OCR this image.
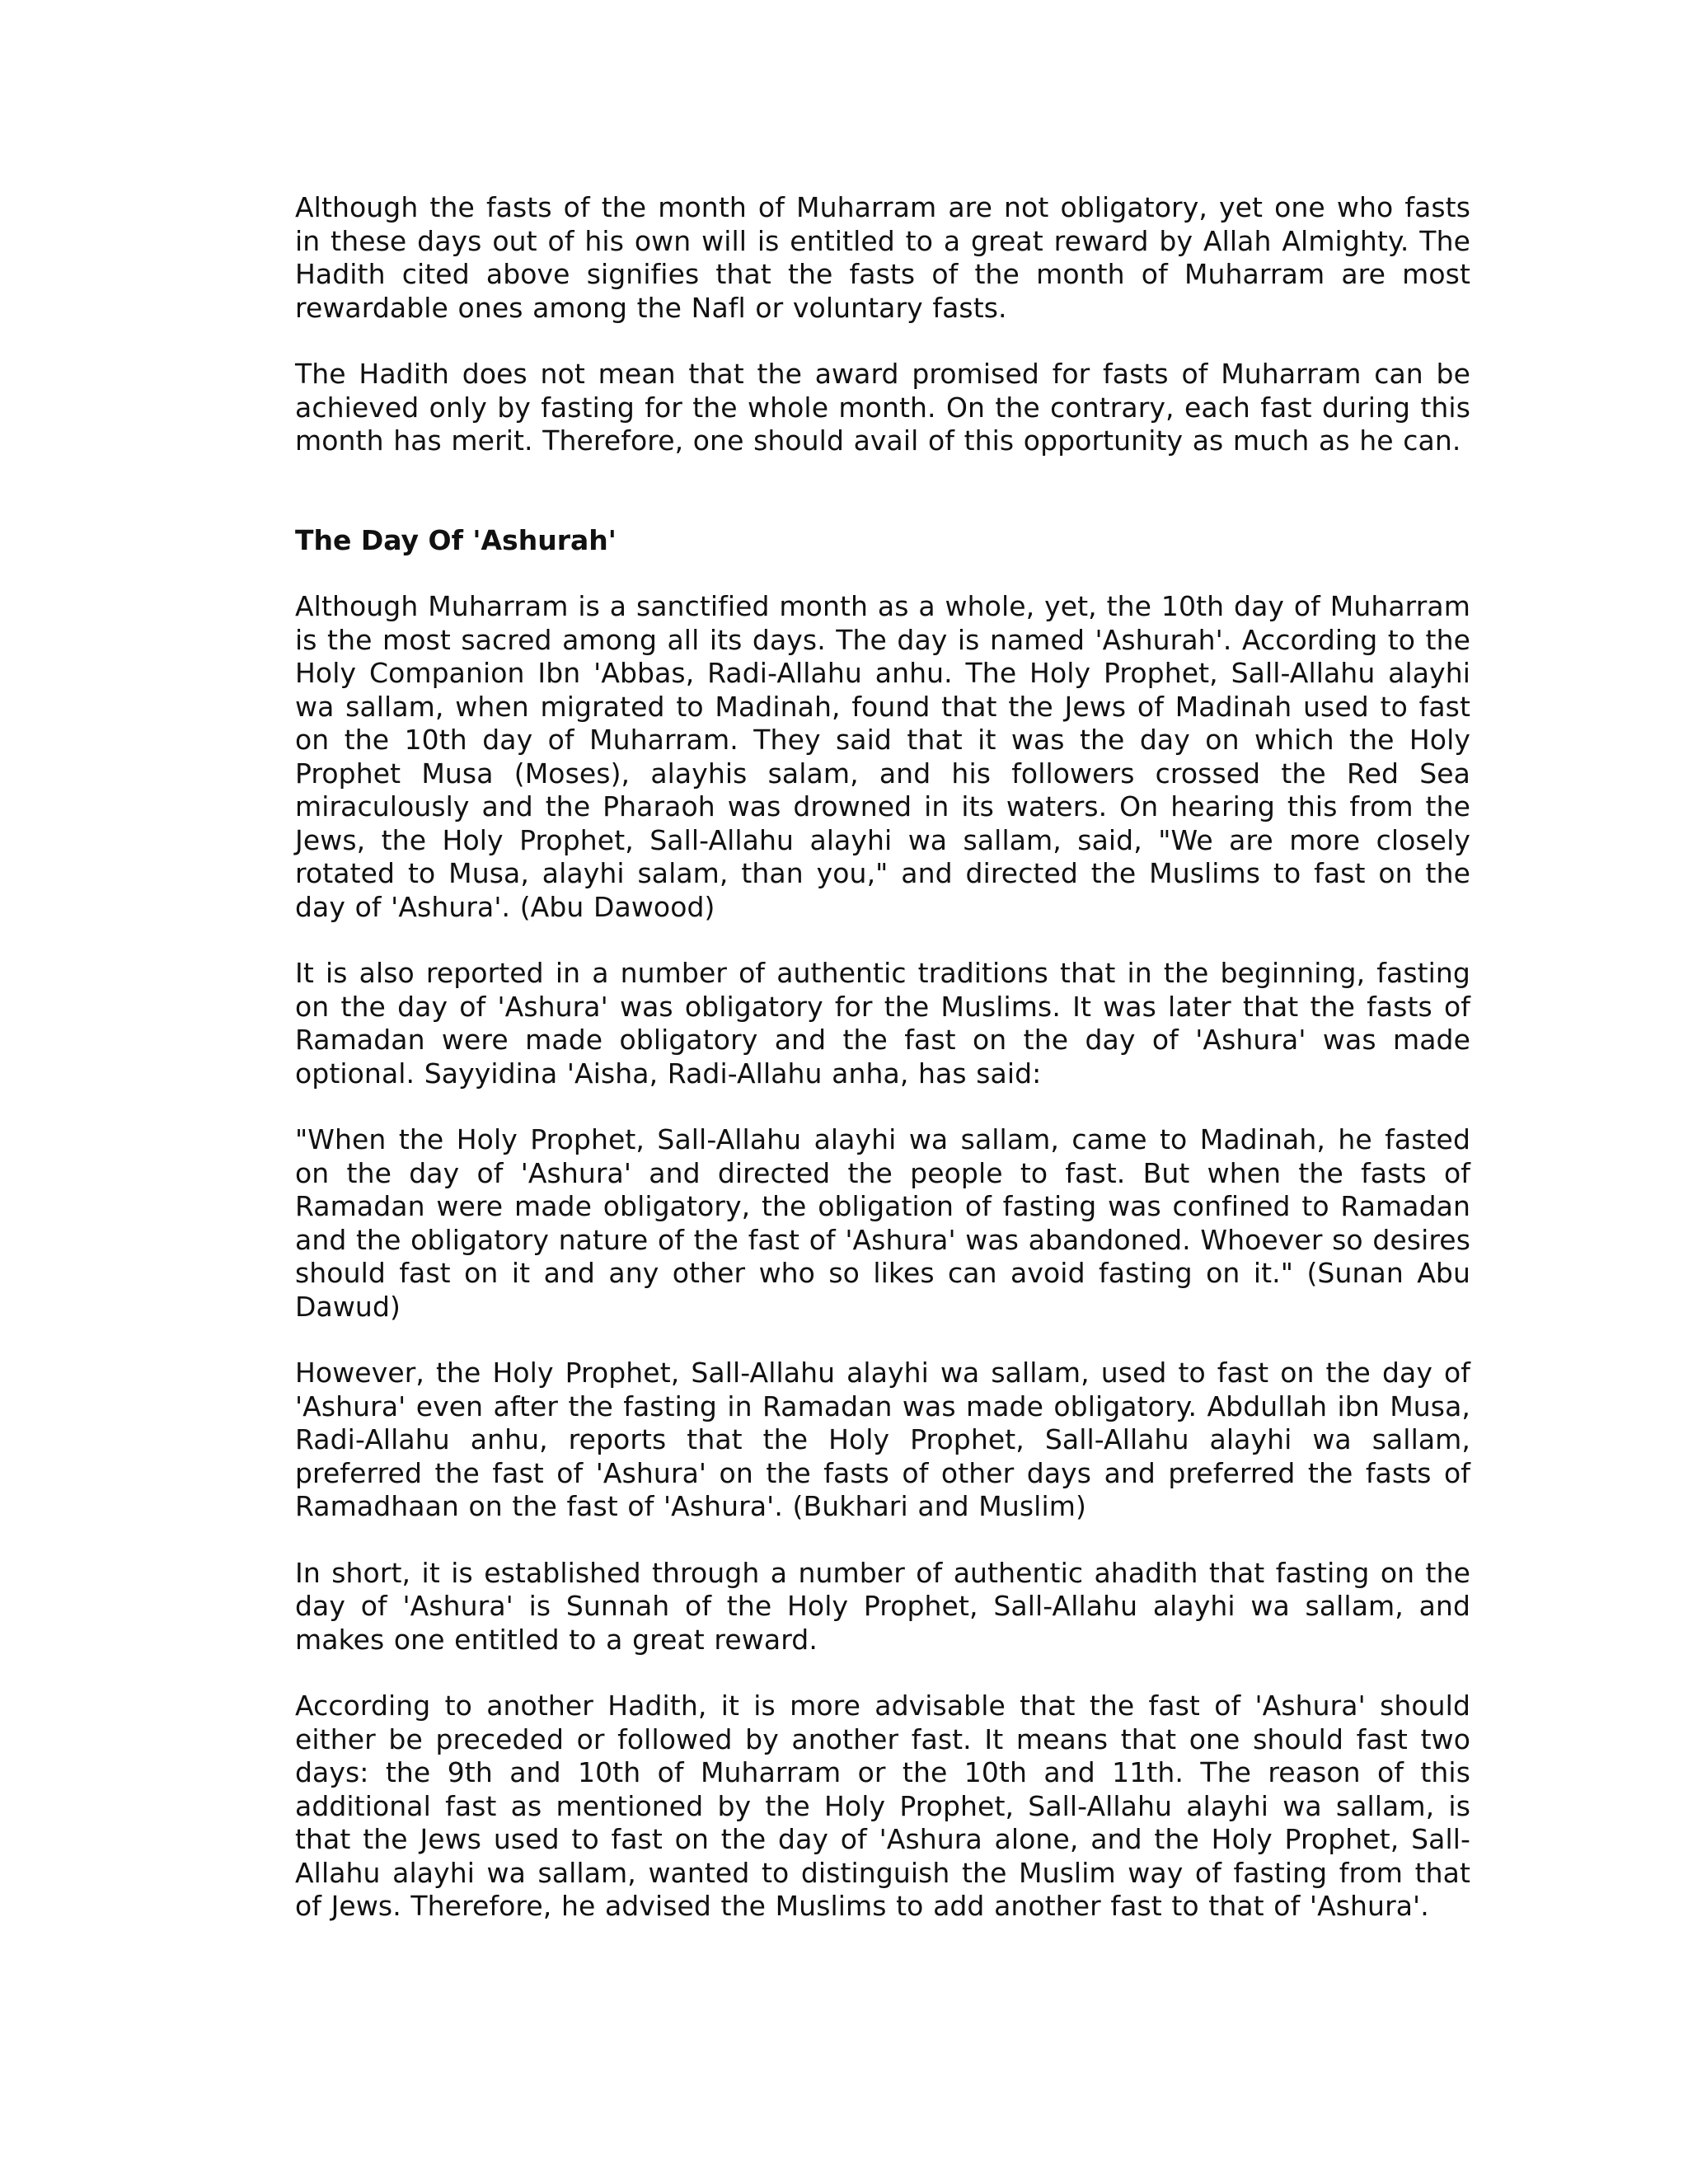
Although the fasts of the month of Muharram are not obligatory, yet one who fasts in these days out of his own will is entitled to a great reward by Allah Almighty. The Hadith cited above signifies that the fasts of the month of Muharram are most rewardable ones among the Nafl or voluntary fasts.

The Hadith does not mean that the award promised for fasts of Muharram can be achieved only by fasting for the whole month. On the contrary, each fast during this month has merit. Therefore, one should avail of this opportunity as much as he can.

The Day Of 'Ashurah'

Although Muharram is a sanctified month as a whole, yet, the 10th day of Muharram is the most sacred among all its days. The day is named 'Ashurah'. According to the Holy Companion Ibn 'Abbas, Radi-Allahu anhu. The Holy Prophet, Sall-Allahu alayhi wa sallam, when migrated to Madinah, found that the Jews of Madinah used to fast on the 10th day of Muharram. They said that it was the day on which the Holy Prophet Musa (Moses), alayhis salam, and his followers crossed the Red Sea miraculously and the Pharaoh was drowned in its waters. On hearing this from the Jews, the Holy Prophet, Sall-Allahu alayhi wa sallam, said, "We are more closely rotated to Musa, alayhi salam, than you," and directed the Muslims to fast on the day of 'Ashura'. (Abu Dawood)

It is also reported in a number of authentic traditions that in the beginning, fasting on the day of 'Ashura' was obligatory for the Muslims. It was later that the fasts of Ramadan were made obligatory and the fast on the day of 'Ashura' was made optional. Sayyidina 'Aisha, Radi-Allahu anha, has said:

"When the Holy Prophet, Sall-Allahu alayhi wa sallam, came to Madinah, he fasted on the day of 'Ashura' and directed the people to fast. But when the fasts of Ramadan were made obligatory, the obligation of fasting was confined to Ramadan and the obligatory nature of the fast of 'Ashura' was abandoned. Whoever so desires should fast on it and any other who so likes can avoid fasting on it." (Sunan Abu Dawud)

However, the Holy Prophet, Sall-Allahu alayhi wa sallam, used to fast on the day of 'Ashura' even after the fasting in Ramadan was made obligatory. Abdullah ibn Musa, Radi-Allahu anhu, reports that the Holy Prophet, Sall-Allahu alayhi wa sallam, preferred the fast of 'Ashura' on the fasts of other days and preferred the fasts of Ramadhaan on the fast of 'Ashura'. (Bukhari and Muslim)

In short, it is established through a number of authentic ahadith that fasting on the day of 'Ashura' is Sunnah of the Holy Prophet, Sall-Allahu alayhi wa sallam, and makes one entitled to a great reward.

According to another Hadith, it is more advisable that the fast of 'Ashura' should either be preceded or followed by another fast. It means that one should fast two days: the 9th and 10th of Muharram or the 10th and 11th. The reason of this additional fast as mentioned by the Holy Prophet, Sall-Allahu alayhi wa sallam, is that the Jews used to fast on the day of 'Ashura alone, and the Holy Prophet, Sall-Allahu alayhi wa sallam, wanted to distinguish the Muslim way of fasting from that of Jews. Therefore, he advised the Muslims to add another fast to that of 'Ashura'.
